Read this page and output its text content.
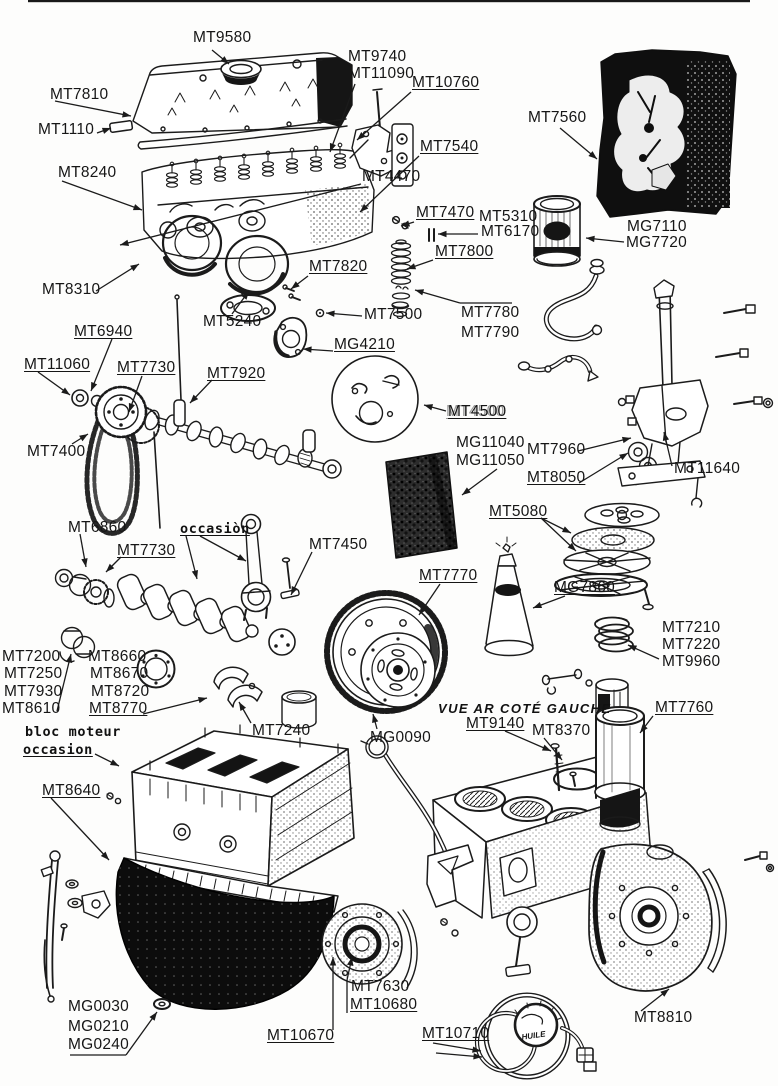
HUILE
MT9580
MT7810
MT1110
MT8240
MT9740
MT11090
MT10760
MT7540
MT4470
MT7560
MT7470 MT5310
MT6170
MT7800
MG7110
MG7720
MT7820
MT8310
MT5240	MT7500 MT7780
MT7790
MG4210
MT6940
MT11060 MT7730 MT7920
MT7400
MT4500
MG11040
MG11050
MT7960
MT8050
MT11640
MT5080
MT7770
MG7860
MT7210
MT7220
MT9960
VUE AR COTÉ GAUCHE
MT9140 MT8370
MT7760
MT7200
MT7250
MT7930
MT8610
MT8660
MT8670
MT8720
MT8770
MT6860	occasiòn
MT7730	MT7450
bloc moteur
occasion
MT8640
MT7240	MG0090
MG0030
MG0210
MG0240
MT10670
MT7630
MT10680
MT10710
MT8810
